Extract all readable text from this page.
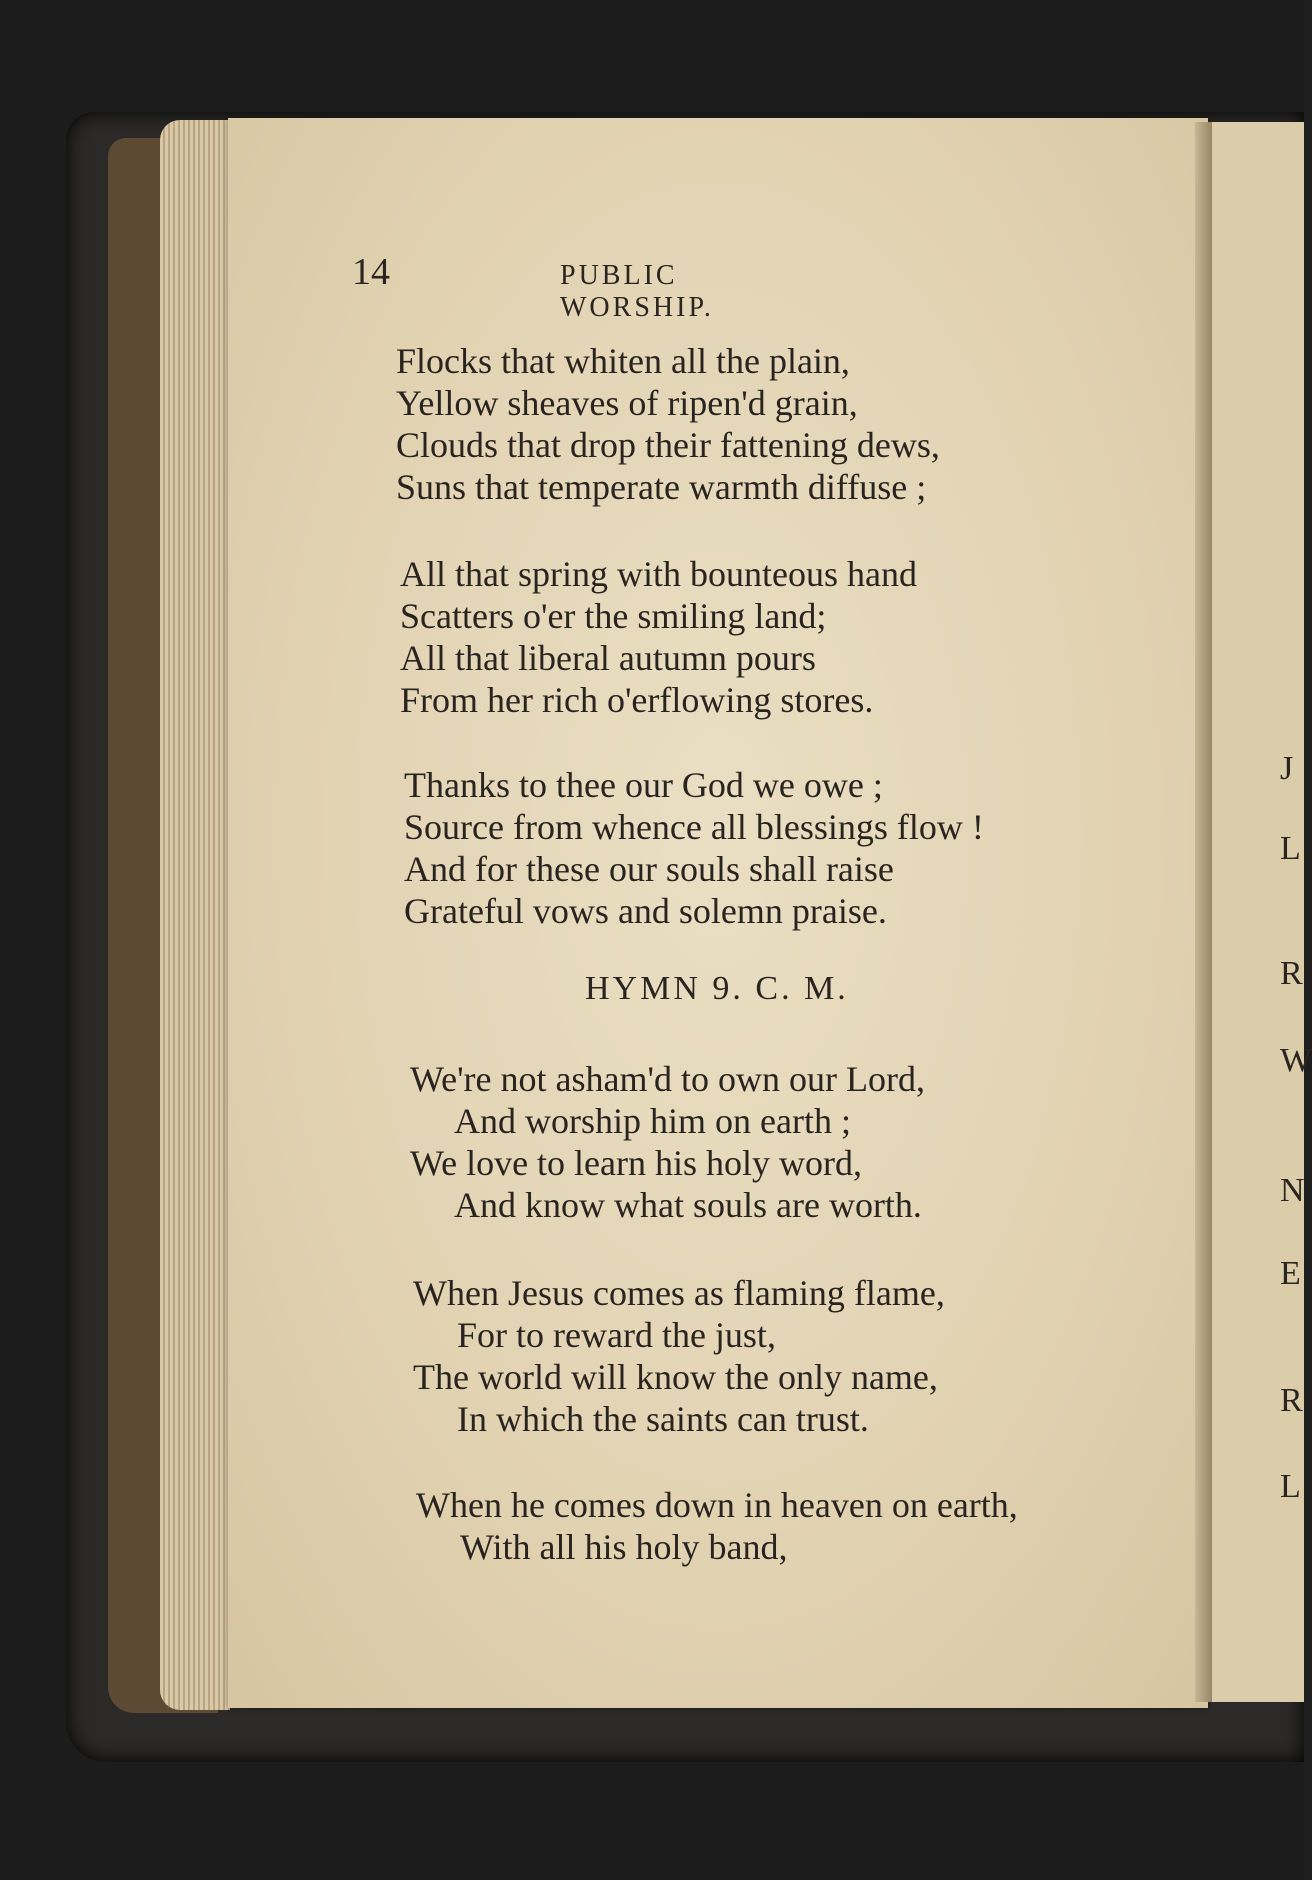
J
L
R
W
N
E
R
L
14	PUBLIC WORSHIP.
Flocks that whiten all the plain,
Yellow sheaves of ripen'd grain,
Clouds that drop their fattening dews,
Suns that temperate warmth diffuse ;
All that spring with bounteous hand
Scatters o'er the smiling land;
All that liberal autumn pours
From her rich o'erflowing stores.
Thanks to thee our God we owe ;
Source from whence all blessings flow !
And for these our souls shall raise
Grateful vows and solemn praise.
HYMN 9. C. M.
We're not asham'd to own our Lord,
And worship him on earth ;
We love to learn his holy word,
And know what souls are worth.
When Jesus comes as flaming flame,
For to reward the just,
The world will know the only name,
In which the saints can trust.
When he comes down in heaven on earth,
With all his holy band,
